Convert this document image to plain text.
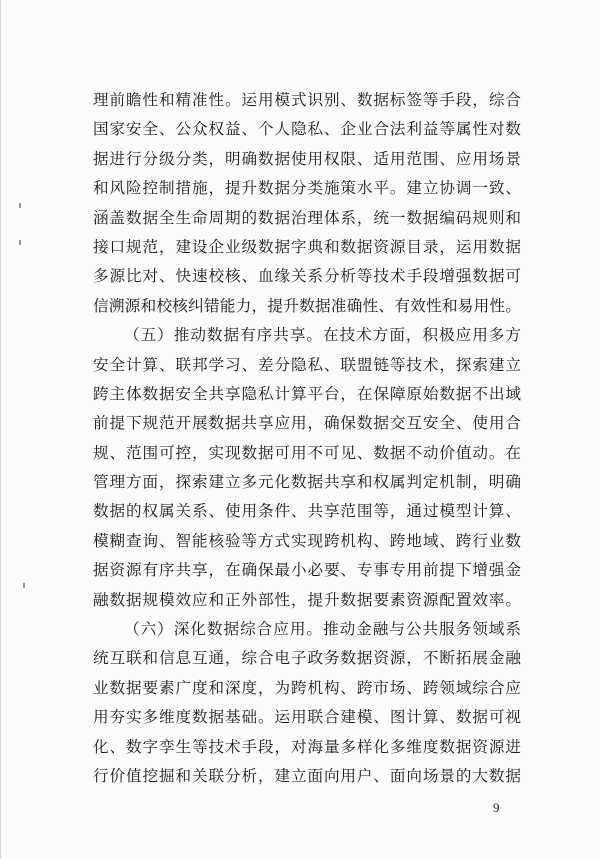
理前瞻性和精准性。运用模式识别、数据标签等手段，综合
国家安全、公众权益、个人隐私、企业合法利益等属性对数
据进行分级分类，明确数据使用权限、适用范围、应用场景
和风险控制措施，提升数据分类施策水平。建立协调一致、
涵盖数据全生命周期的数据治理体系，统一数据编码规则和
接口规范，建设企业级数据字典和数据资源目录，运用数据
多源比对、快速校核、血缘关系分析等技术手段增强数据可
信溯源和校核纠错能力，提升数据准确性、有效性和易用性。
（五）推动数据有序共享。在技术方面，积极应用多方
安全计算、联邦学习、差分隐私、联盟链等技术，探索建立
跨主体数据安全共享隐私计算平台，在保障原始数据不出域
前提下规范开展数据共享应用，确保数据交互安全、使用合
规、范围可控，实现数据可用不可见、数据不动价值动。在
管理方面，探索建立多元化数据共享和权属判定机制，明确
数据的权属关系、使用条件、共享范围等，通过模型计算、
模糊查询、智能核验等方式实现跨机构、跨地域、跨行业数
据资源有序共享，在确保最小必要、专事专用前提下增强金
融数据规模效应和正外部性，提升数据要素资源配置效率。
（六）深化数据综合应用。推动金融与公共服务领域系
统互联和信息互通，综合电子政务数据资源，不断拓展金融
业数据要素广度和深度，为跨机构、跨市场、跨领域综合应
用夯实多维度数据基础。运用联合建模、图计算、数据可视
化、数字孪生等技术手段，对海量多样化多维度数据资源进
行价值挖掘和关联分析，建立面向用户、面向场景的大数据
9
